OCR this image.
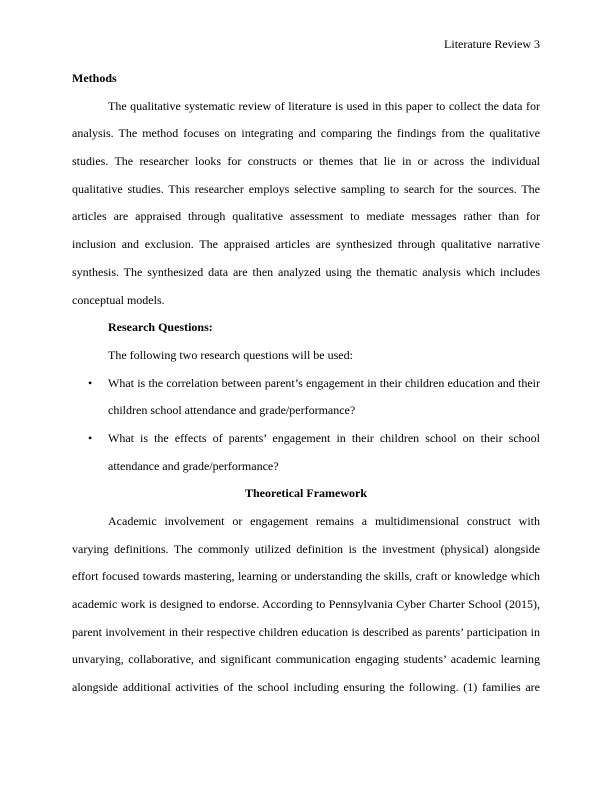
Literature Review 3
Methods
The qualitative systematic review of literature is used in this paper to collect the data for
analysis. The method focuses on integrating and comparing the findings from the qualitative
studies. The researcher looks for constructs or themes that lie in or across the individual
qualitative studies. This researcher employs selective sampling to search for the sources. The
articles are appraised through qualitative assessment to mediate messages rather than for
inclusion and exclusion. The appraised articles are synthesized through qualitative narrative
synthesis. The synthesized data are then analyzed using the thematic analysis which includes
conceptual models.
Research Questions:
The following two research questions will be used:
• What is the correlation between parent’s engagement in their children education and their
children school attendance and grade/performance?
• What is the effects of parents’ engagement in their children school on their school
attendance and grade/performance?
Theoretical Framework
Academic involvement or engagement remains a multidimensional construct with
varying definitions. The commonly utilized definition is the investment (physical) alongside
effort focused towards mastering, learning or understanding the skills, craft or knowledge which
academic work is designed to endorse. According to Pennsylvania Cyber Charter School (2015),
parent involvement in their respective children education is described as parents’ participation in
unvarying, collaborative, and significant communication engaging students’ academic learning
alongside additional activities of the school including ensuring the following. (1) families are
